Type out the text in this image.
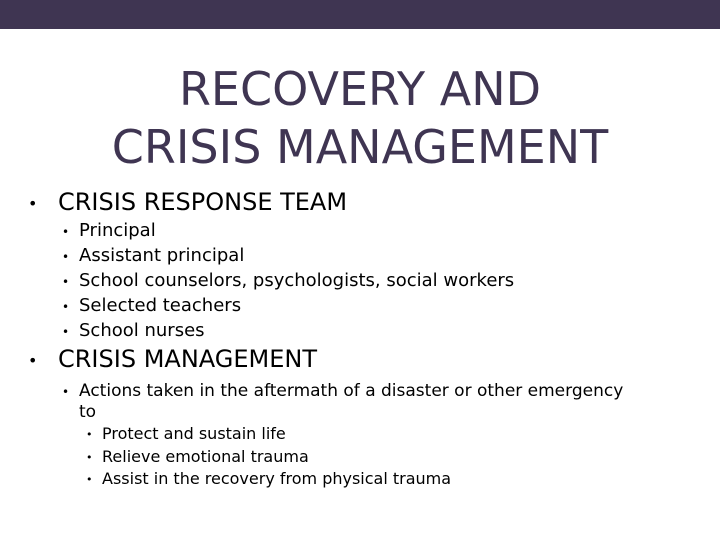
RECOVERY AND
CRISIS MANAGEMENT
• CRISIS RESPONSE TEAM
• Principal
• Assistant principal
• School counselors, psychologists, social workers
• Selected teachers
• School nurses
• CRISIS MANAGEMENT
• Actions taken in the aftermath of a disaster or other emergency
to
• Protect and sustain life
• Relieve emotional trauma
• Assist in the recovery from physical trauma
